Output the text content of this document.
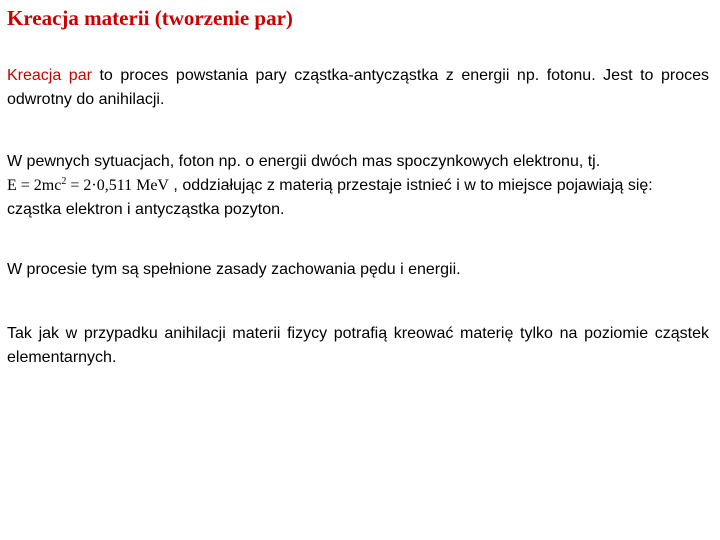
Kreacja materii (tworzenie par)
Kreacja par to proces powstania pary cząstka-antycząstka z energii np. fotonu. Jest to proces odwrotny do anihilacji.
W pewnych sytuacjach, foton np. o energii dwóch mas spoczynkowych elektronu, tj.
$E = 2mc^2 = 2\cdot 0,511$ MeV , oddziałując z materią przestaje istnieć i w to miejsce pojawiają się: cząstka elektron i antycząstka pozyton.
W procesie tym są spełnione zasady zachowania pędu i energii.
Tak jak w przypadku anihilacji materii fizycy potrafią kreować materię tylko na poziomie cząstek elementarnych.
